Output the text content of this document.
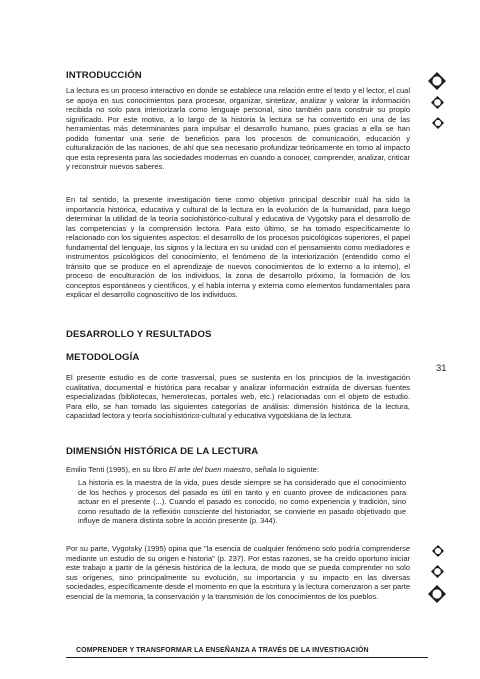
INTRODUCCIÓN

La lectura es un proceso interactivo en donde se establece una relación entre el texto y el lector, el cual se apoya en sus conocimientos para procesar, organizar, sintetizar, analizar y valorar la información recibida no solo para interiorizarla como lenguaje personal, sino también para construir su propio significado. Por este motivo, a lo largo de la historia la lectura se ha convertido en una de las herramientas más determinantes para impulsar el desarrollo humano, pues gracias a ella se han podido fomentar una serie de beneficios para los procesos de comunicación, educación y culturalización de las naciones, de ahí que sea necesario profundizar teóricamente en torno al impacto que esta representa para las sociedades modernas en cuando a conocer, comprender, analizar, criticar y reconstruir nuevos saberes.

En tal sentido, la presente investigación tiene como objetivo principal describir cuál ha sido la importancia histórica, educativa y cultural de la lectura en la evolución de la humanidad, para luego determinar la utilidad de la teoría sociohistórico-cultural y educativa de Vygotsky para el desarrollo de las competencias y la comprensión lectora. Para esto último, se ha tomado específicamente lo relacionado con los siguientes aspectos: el desarrollo de los procesos psicológicos superiores, el papel fundamental del lenguaje, los signos y la lectura en su unidad con el pensamiento como mediadores e instrumentos psicológicos del conocimiento, el fenómeno de la interiorización (entendido como el tránsito que se produce en el aprendizaje de nuevos conocimientos de lo externo a lo interno), el proceso de enculturación de los individuos, la zona de desarrollo próximo, la formación de los conceptos espontáneos y científicos, y el habla interna y externa como elementos fundamentales para explicar el desarrollo cognoscitivo de los individuos.

DESARROLLO Y RESULTADOS
METODOLOGÍA

El presente estudio es de corte trasversal, pues se sustenta en los principios de la investigación cualitativa, documental e histórica para recabar y analizar información extraída de diversas fuentes especializadas (bibliotecas, hemerotecas, portales web, etc.) relacionadas con el objeto de estudio. Para ello, se han tomado las siguientes categorías de análisis: dimensión histórica de la lectura, capacidad lectora y teoría sociohistórico-cultural y educativa vygotskiana de la lectura.

DIMENSIÓN HISTÓRICA DE LA LECTURA

Emilio Tenti (1995), en su libro El arte del buen maestro, señala lo siguiente:

La historia es la maestra de la vida, pues desde siempre se ha considerado que el conocimiento de los hechos y procesos del pasado es útil en tanto y en cuanto provee de indicaciones para actuar en el presente (...). Cuando el pasado es conocido, no como experiencia y tradición, sino como resultado de la reflexión consciente del historiador, se convierte en pasado objetivado que influye de manera distinta sobre la acción presente (p. 344).

Por su parte, Vygotsky (1995) opina que "la esencia de cualquier fenómeno solo podría comprenderse mediante un estudio de su origen e historia" (p. 237). Por estas razones, se ha creído oportuno iniciar este trabajo a partir de la génesis histórica de la lectura, de modo que se pueda comprender no solo sus orígenes, sino principalmente su evolución, su importancia y su impacto en las diversas sociedades, específicamente desde el momento en que la escritura y la lectura comenzaron a ser parte esencial de la memoria, la conservación y la transmisión de los conocimientos de los pueblos.

31
COMPRENDER Y TRANSFORMAR LA ENSEÑANZA A TRAVÉS DE LA INVESTIGACIÓN
